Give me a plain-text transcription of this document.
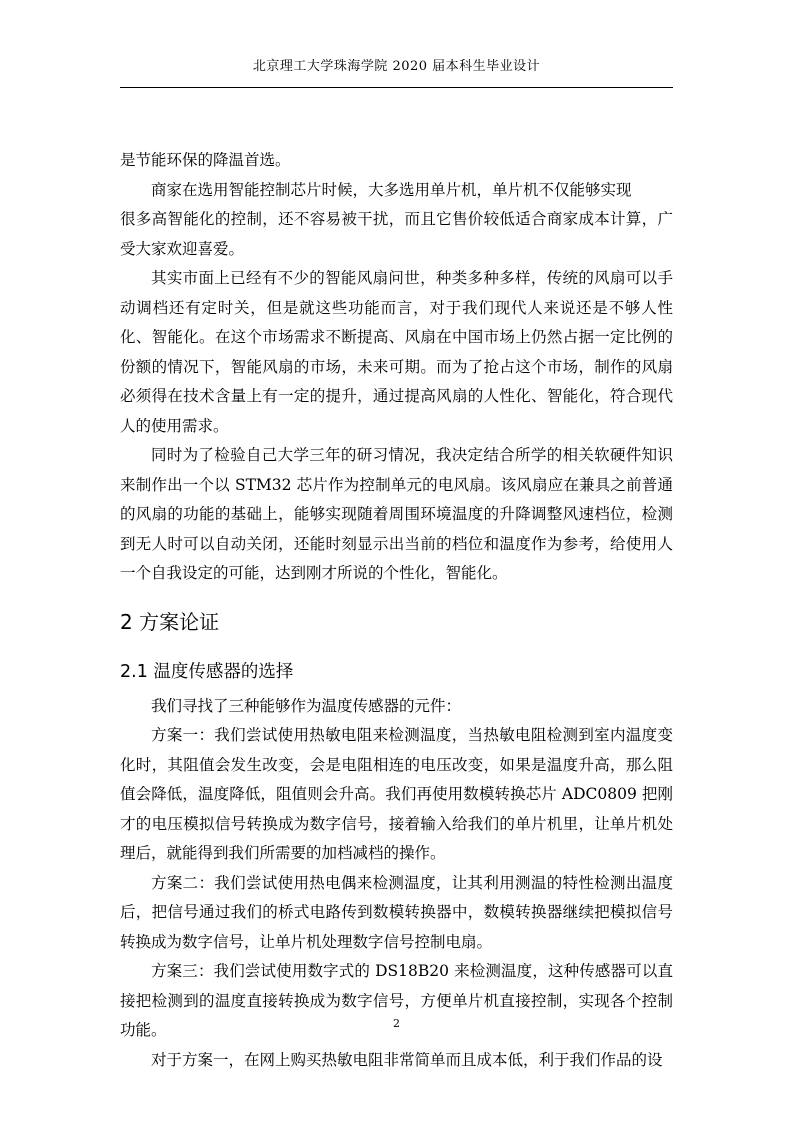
北京理工大学珠海学院 2020 届本科生毕业设计

是节能环保的降温首选。

商家在选用智能控制芯片时候，大多选用单片机，单片机不仅能够实现
很多高智能化的控制，还不容易被干扰，而且它售价较低适合商家成本计算，广受大家欢迎喜爱。

其实市面上已经有不少的智能风扇问世，种类多种多样，传统的风扇可以手动调档还有定时关，但是就这些功能而言，对于我们现代人来说还是不够人性化、智能化。在这个市场需求不断提高、风扇在中国市场上仍然占据一定比例的份额的情况下，智能风扇的市场，未来可期。而为了抢占这个市场，制作的风扇必须得在技术含量上有一定的提升，通过提高风扇的人性化、智能化，符合现代人的使用需求。

同时为了检验自己大学三年的研习情况，我决定结合所学的相关软硬件知识来制作出一个以 STM32 芯片作为控制单元的电风扇。该风扇应在兼具之前普通的风扇的功能的基础上，能够实现随着周围环境温度的升降调整风速档位，检测到无人时可以自动关闭，还能时刻显示出当前的档位和温度作为参考，给使用人一个自我设定的可能，达到刚才所说的个性化，智能化。

2 方案论证
2.1 温度传感器的选择

我们寻找了三种能够作为温度传感器的元件：

方案一：我们尝试使用热敏电阻来检测温度，当热敏电阻检测到室内温度变化时，其阻值会发生改变，会是电阻相连的电压改变，如果是温度升高，那么阻值会降低，温度降低，阻值则会升高。我们再使用数模转换芯片 ADC0809 把刚才的电压模拟信号转换成为数字信号，接着输入给我们的单片机里，让单片机处理后，就能得到我们所需要的加档减档的操作。

方案二：我们尝试使用热电偶来检测温度，让其利用测温的特性检测出温度后，把信号通过我们的桥式电路传到数模转换器中，数模转换器继续把模拟信号转换成为数字信号，让单片机处理数字信号控制电扇。

方案三：我们尝试使用数字式的 DS18B20 来检测温度，这种传感器可以直接把检测到的温度直接转换成为数字信号，方便单片机直接控制，实现各个控制功能。

对于方案一，在网上购买热敏电阻非常简单而且成本低，利于我们作品的设

2
